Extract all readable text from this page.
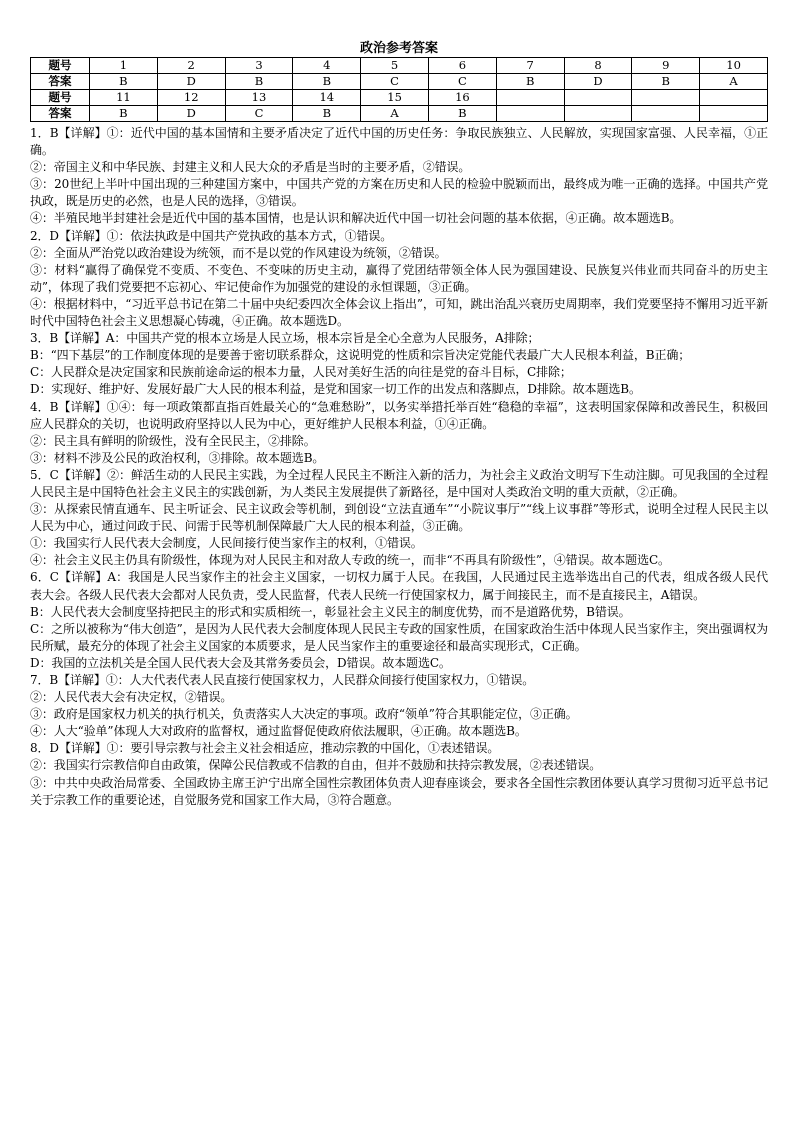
政治参考答案
题号	1	2	3	4	5	6	7	8	9	10
答案	B	D	B	B	C	C	B	D	B	A
题号	11	12	13	14	15	16				
答案	B	D	C	B	A	B				

1．B【详解】①：近代中国的基本国情和主要矛盾决定了近代中国的历史任务：争取民族独立、人民解放，实现国家富强、人民幸福，①正确。

②：帝国主义和中华民族、封建主义和人民大众的矛盾是当时的主要矛盾，②错误。

③：20世纪上半叶中国出现的三种建国方案中，中国共产党的方案在历史和人民的检验中脱颖而出，最终成为唯一正确的选择。中国共产党执政，既是历史的必然，也是人民的选择，③错误。

④：半殖民地半封建社会是近代中国的基本国情，也是认识和解决近代中国一切社会问题的基本依据，④正确。故本题选B。

2．D【详解】①：依法执政是中国共产党执政的基本方式，①错误。

②：全面从严治党以政治建设为统领，而不是以党的作风建设为统领，②错误。

③：材料“赢得了确保党不变质、不变色、不变味的历史主动，赢得了党团结带领全体人民为强国建设、民族复兴伟业而共同奋斗的历史主动”，体现了我们党要把不忘初心、牢记使命作为加强党的建设的永恒课题，③正确。

④：根据材料中，“习近平总书记在第二十届中央纪委四次全体会议上指出”，可知，跳出治乱兴衰历史周期率，我们党要坚持不懈用习近平新时代中国特色社会主义思想凝心铸魂，④正确。故本题选D。

3．B【详解】A：中国共产党的根本立场是人民立场，根本宗旨是全心全意为人民服务，A排除；

B：“四下基层”的工作制度体现的是要善于密切联系群众，这说明党的性质和宗旨决定党能代表最广大人民根本利益，B正确；

C：人民群众是决定国家和民族前途命运的根本力量，人民对美好生活的向往是党的奋斗目标，C排除；

D：实现好、维护好、发展好最广大人民的根本利益，是党和国家一切工作的出发点和落脚点，D排除。故本题选B。

4．B【详解】①④：每一项政策都直指百姓最关心的“急难愁盼”，以务实举措托举百姓“稳稳的幸福”，这表明国家保障和改善民生，积极回应人民群众的关切，也说明政府坚持以人民为中心，更好维护人民根本利益，①④正确。

②：民主具有鲜明的阶级性，没有全民民主，②排除。

③：材料不涉及公民的政治权利，③排除。故本题选B。

5．C【详解】②：鲜活生动的人民民主实践，为全过程人民民主不断注入新的活力，为社会主义政治文明写下生动注脚。可见我国的全过程人民民主是中国特色社会主义民主的实践创新，为人类民主发展提供了新路径，是中国对人类政治文明的重大贡献，②正确。

③：从探索民情直通车、民主听证会、民主议政会等机制，到创设“立法直通车”“小院议事厅”“线上议事群”等形式，说明全过程人民民主以人民为中心，通过问政于民、问需于民等机制保障最广大人民的根本利益，③正确。

①：我国实行人民代表大会制度，人民间接行使当家作主的权利，①错误。

④：社会主义民主仍具有阶级性，体现为对人民民主和对敌人专政的统一，而非“不再具有阶级性”，④错误。故本题选C。

6．C【详解】A：我国是人民当家作主的社会主义国家，一切权力属于人民。在我国，人民通过民主选举选出自己的代表，组成各级人民代表大会。各级人民代表大会都对人民负责，受人民监督，代表人民统一行使国家权力，属于间接民主，而不是直接民主，A错误。

B：人民代表大会制度坚持把民主的形式和实质相统一，彰显社会主义民主的制度优势，而不是道路优势，B错误。

C：之所以被称为“伟大创造”，是因为人民代表大会制度体现人民民主专政的国家性质，在国家政治生活中体现人民当家作主，突出强调权为民所赋，最充分的体现了社会主义国家的本质要求，是人民当家作主的重要途径和最高实现形式，C正确。

D：我国的立法机关是全国人民代表大会及其常务委员会，D错误。故本题选C。

7．B【详解】①：人大代表代表人民直接行使国家权力，人民群众间接行使国家权力，①错误。

②：人民代表大会有决定权，②错误。

③：政府是国家权力机关的执行机关，负责落实人大决定的事项。政府“领单”符合其职能定位，③正确。

④：人大“验单”体现人大对政府的监督权，通过监督促使政府依法履职，④正确。故本题选B。

8．D【详解】①：要引导宗教与社会主义社会相适应，推动宗教的中国化，①表述错误。

②：我国实行宗教信仰自由政策，保障公民信教或不信教的自由，但并不鼓励和扶持宗教发展，②表述错误。

③：中共中央政治局常委、全国政协主席王沪宁出席全国性宗教团体负责人迎春座谈会，要求各全国性宗教团体要认真学习贯彻习近平总书记关于宗教工作的重要论述，自觉服务党和国家工作大局，③符合题意。
